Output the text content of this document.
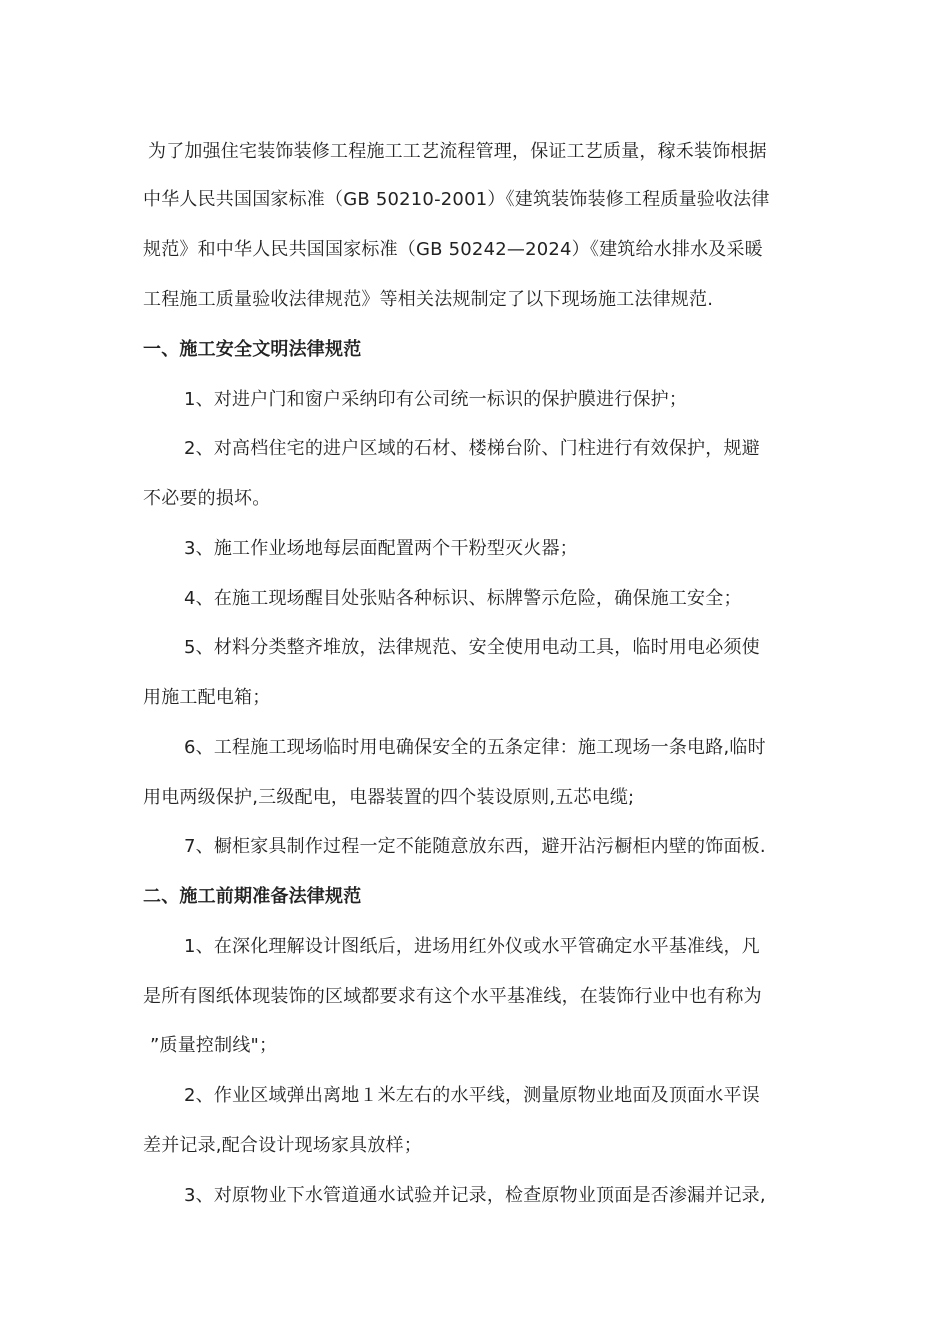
为了加强住宅装饰装修工程施工工艺流程管理，保证工艺质量，稼禾装饰根据
中华人民共国国家标准（GB 50210-2001）《建筑装饰装修工程质量验收法律
规范》和中华人民共国国家标准（GB 50242—2024）《建筑给水排水及采暖
工程施工质量验收法律规范》等相关法规制定了以下现场施工法律规范.
一、施工安全文明法律规范
1、对进户门和窗户采纳印有公司统一标识的保护膜进行保护；
2、对高档住宅的进户区域的石材、楼梯台阶、门柱进行有效保护，规避
不必要的损坏。
3、施工作业场地每层面配置两个干粉型灭火器；
4、在施工现场醒目处张贴各种标识、标牌警示危险，确保施工安全；
5、材料分类整齐堆放，法律规范、安全使用电动工具，临时用电必须使
用施工配电箱；
6、工程施工现场临时用电确保安全的五条定律：施工现场一条电路,临时
用电两级保护,三级配电，电器装置的四个装设原则,五芯电缆;
7、橱柜家具制作过程一定不能随意放东西，避开沾污橱柜内壁的饰面板.
二、施工前期准备法律规范
1、在深化理解设计图纸后，进场用红外仪或水平管确定水平基准线，凡
是所有图纸体现装饰的区域都要求有这个水平基准线，在装饰行业中也有称为
”质量控制线"；
2、作业区域弹出离地１米左右的水平线，测量原物业地面及顶面水平误
差并记录,配合设计现场家具放样；
3、对原物业下水管道通水试验并记录，检查原物业顶面是否渗漏并记录,
